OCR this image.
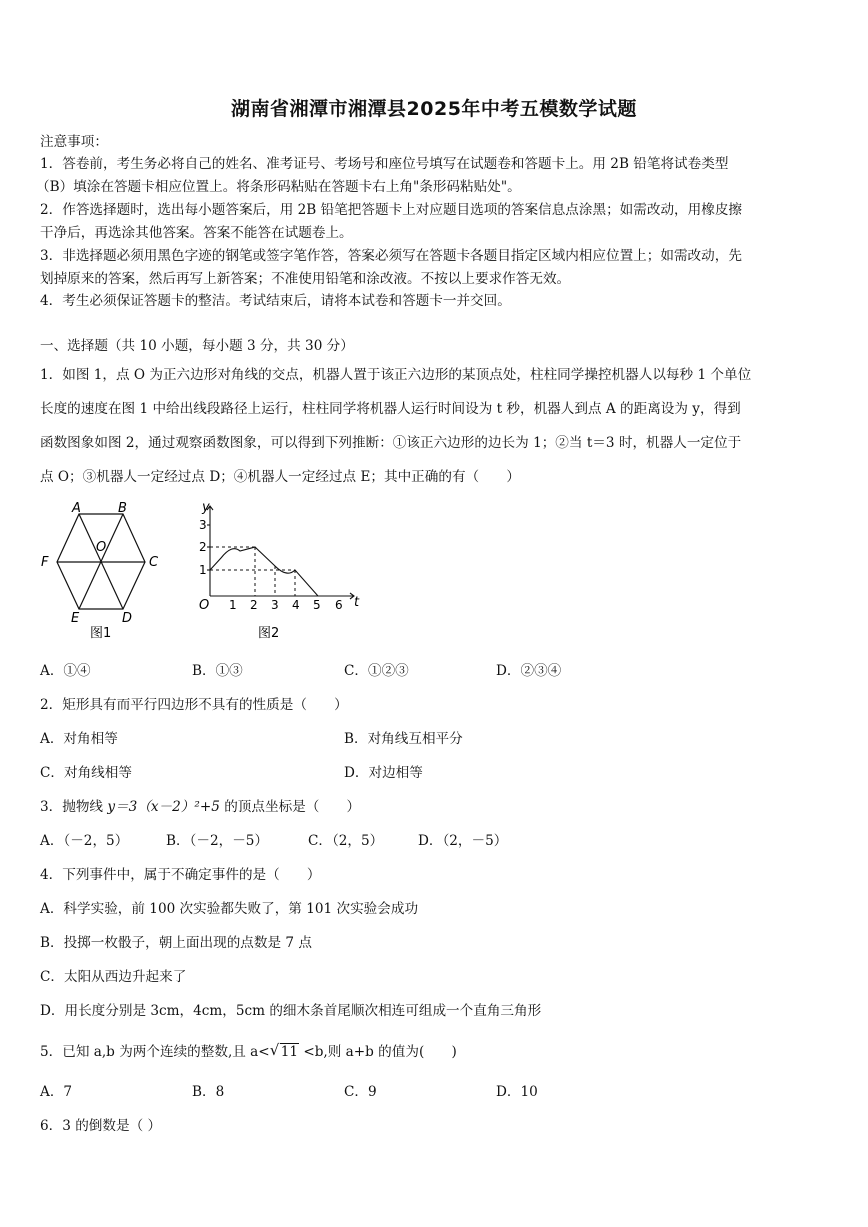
湖南省湘潭市湘潭县2025年中考五模数学试题
注意事项：
1．答卷前，考生务必将自己的姓名、准考证号、考场号和座位号填写在试题卷和答题卡上。用 2B 铅笔将试卷类型
（B）填涂在答题卡相应位置上。将条形码粘贴在答题卡右上角"条形码粘贴处"。
2．作答选择题时，选出每小题答案后，用 2B 铅笔把答题卡上对应题目选项的答案信息点涂黑；如需改动，用橡皮擦
干净后，再选涂其他答案。答案不能答在试题卷上。
3．非选择题必须用黑色字迹的钢笔或签字笔作答，答案必须写在答题卡各题目指定区域内相应位置上；如需改动，先
划掉原来的答案，然后再写上新答案；不准使用铅笔和涂改液。不按以上要求作答无效。
4．考生必须保证答题卡的整洁。考试结束后，请将本试卷和答题卡一并交回。
一、选择题（共 10 小题，每小题 3 分，共 30 分）
1．如图 1，点 O 为正六边形对角线的交点，机器人置于该正六边形的某顶点处，柱柱同学操控机器人以每秒 1 个单位
长度的速度在图 1 中给出线段路径上运行，柱柱同学将机器人运行时间设为 t 秒，机器人到点 A 的距离设为 y，得到
函数图象如图 2，通过观察函数图象，可以得到下列推断：①该正六边形的边长为 1；②当 t＝3 时，机器人一定位于
点 O；③机器人一定经过点 D；④机器人一定经过点 E；其中正确的有（　　）
A	B
C
D
E
F
O
图1
3
2
1
y
t
O 1 2 3 4 5 6
图2
A．①④	B．①③	C．①②③	D．②③④
2．矩形具有而平行四边形不具有的性质是（　　）
A．对角相等	B．对角线互相平分
C．对角线相等	D．对边相等
3．抛物线 y＝3（x－2）²+5 的顶点坐标是（　　）
A．（－2，5）	B．（－2，－5）	C．（2，5）	D．（2，－5）
4．下列事件中，属于不确定事件的是（　　）
A．科学实验，前 100 次实验都失败了，第 101 次实验会成功
B．投掷一枚骰子，朝上面出现的点数是 7 点
C．太阳从西边升起来了
D．用长度分别是 3cm，4cm，5cm 的细木条首尾顺次相连可组成一个直角三角形
5．已知 a,b 为两个连续的整数,且 a< √ 11 <b,则 a+b 的值为(　　)
A．7	B．8	C．9	D．10
6．3 的倒数是（ ）
